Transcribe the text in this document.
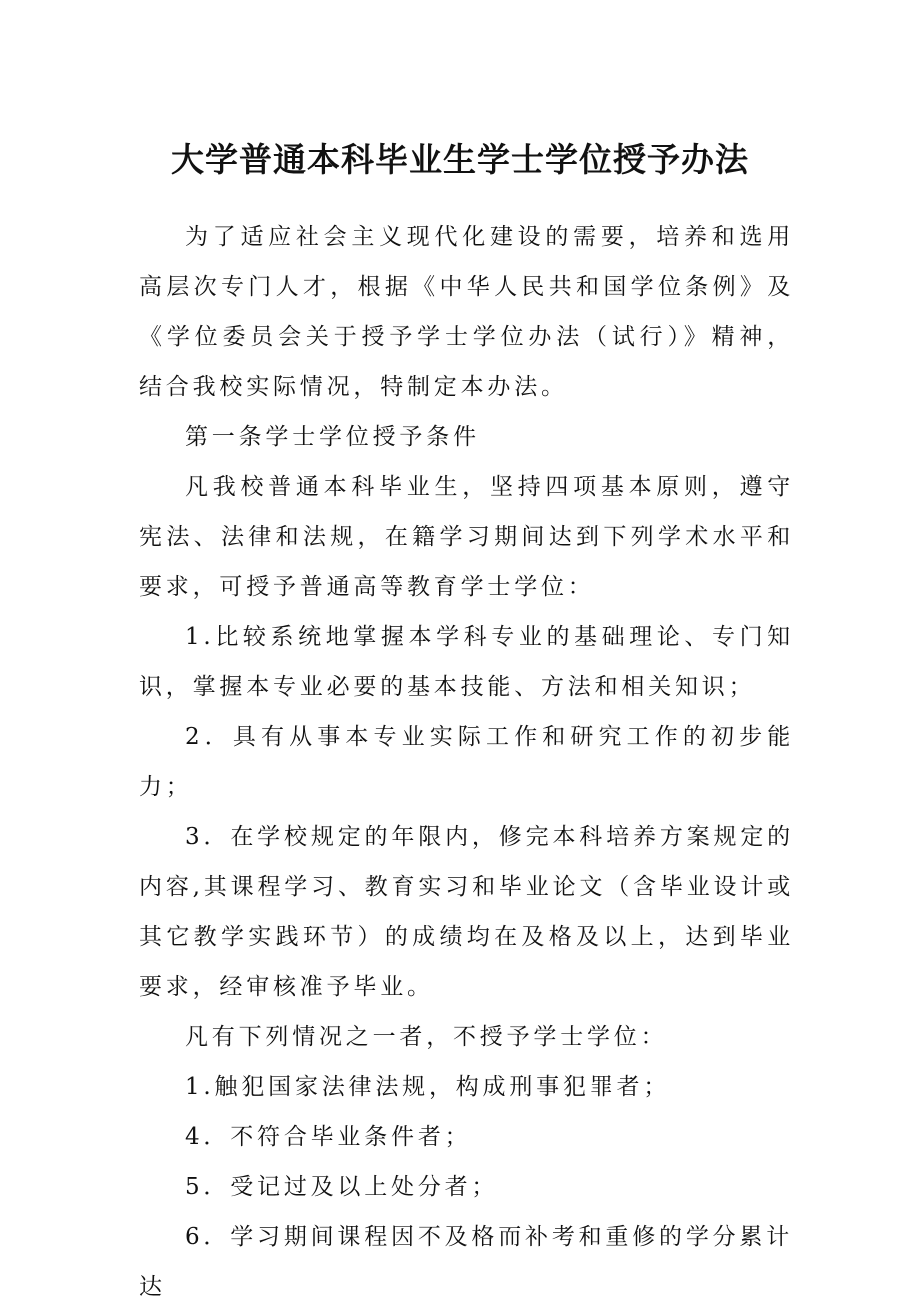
大学普通本科毕业生学士学位授予办法

为了适应社会主义现代化建设的需要，培养和选用高层次专门人才，根据《中华人民共和国学位条例》及《学位委员会关于授予学士学位办法（试行）》精神，结合我校实际情况，特制定本办法。

第一条学士学位授予条件

凡我校普通本科毕业生，坚持四项基本原则，遵守宪法、法律和法规，在籍学习期间达到下列学术水平和要求，可授予普通高等教育学士学位：

1.比较系统地掌握本学科专业的基础理论、专门知识，掌握本专业必要的基本技能、方法和相关知识；

2．具有从事本专业实际工作和研究工作的初步能力；

3．在学校规定的年限内，修完本科培养方案规定的内容,其课程学习、教育实习和毕业论文（含毕业设计或其它教学实践环节）的成绩均在及格及以上，达到毕业要求，经审核准予毕业。

凡有下列情况之一者，不授予学士学位：

1.触犯国家法律法规，构成刑事犯罪者；

4．不符合毕业条件者；

5．受记过及以上处分者；

6．学习期间课程因不及格而补考和重修的学分累计达
